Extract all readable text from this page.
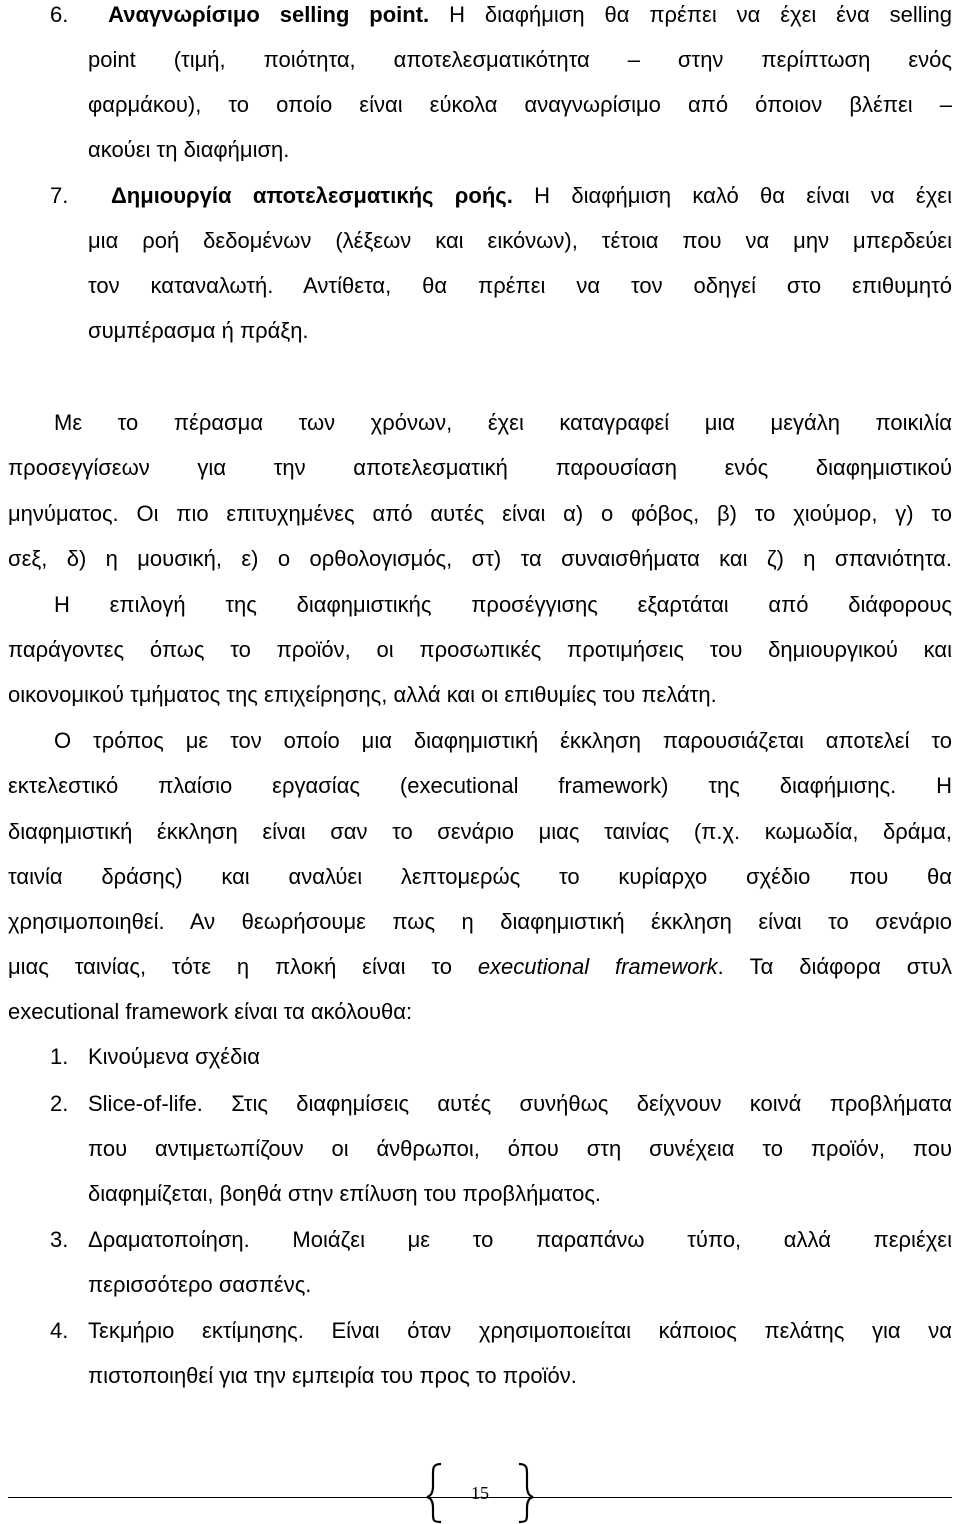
6. Αναγνωρίσιμο selling point. Η διαφήμιση θα πρέπει να έχει ένα selling
point (τιμή, ποιότητα, αποτελεσματικότητα – στην περίπτωση ενός
φαρμάκου), το οποίο είναι εύκολα αναγνωρίσιμο από όποιον βλέπει –
ακούει τη διαφήμιση.
7. Δημιουργία αποτελεσματικής ροής. Η διαφήμιση καλό θα είναι να έχει
μια ροή δεδομένων (λέξεων και εικόνων), τέτοια που να μην μπερδεύει
τον καταναλωτή. Αντίθετα, θα πρέπει να τον οδηγεί στο επιθυμητό
συμπέρασμα ή πράξη.
Με το πέρασμα των χρόνων, έχει καταγραφεί μια μεγάλη ποικιλία
προσεγγίσεων για την αποτελεσματική παρουσίαση ενός διαφημιστικού
μηνύματος. Οι πιο επιτυχημένες από αυτές είναι α) ο φόβος, β) το χιούμορ, γ) το
σεξ, δ) η μουσική, ε) ο ορθολογισμός, στ) τα συναισθήματα και ζ) η σπανιότητα.
Η επιλογή της διαφημιστικής προσέγγισης εξαρτάται από διάφορους
παράγοντες όπως το προϊόν, οι προσωπικές προτιμήσεις του δημιουργικού και
οικονομικού τμήματος της επιχείρησης, αλλά και οι επιθυμίες του πελάτη.
Ο τρόπος με τον οποίο μια διαφημιστική έκκληση παρουσιάζεται αποτελεί το
εκτελεστικό πλαίσιο εργασίας (executional framework) της διαφήμισης. Η
διαφημιστική έκκληση είναι σαν το σενάριο μιας ταινίας (π.χ. κωμωδία, δράμα,
ταινία δράσης) και αναλύει λεπτομερώς το κυρίαρχο σχέδιο που θα
χρησιμοποιηθεί. Αν θεωρήσουμε πως η διαφημιστική έκκληση είναι το σενάριο
μιας ταινίας, τότε η πλοκή είναι το executional framework. Τα διάφορα στυλ
executional framework είναι τα ακόλουθα:
1. Κινούμενα σχέδια
2. Slice-of-life. Στις διαφημίσεις αυτές συνήθως δείχνουν κοινά προβλήματα
που αντιμετωπίζουν οι άνθρωποι, όπου στη συνέχεια το προϊόν, που
διαφημίζεται, βοηθά στην επίλυση του προβλήματος.
3. Δραματοποίηση. Μοιάζει με το παραπάνω τύπο, αλλά περιέχει
περισσότερο σασπένς.
4. Τεκμήριο εκτίμησης. Είναι όταν χρησιμοποιείται κάποιος πελάτης για να
πιστοποιηθεί για την εμπειρία του προς το προϊόν.
15
